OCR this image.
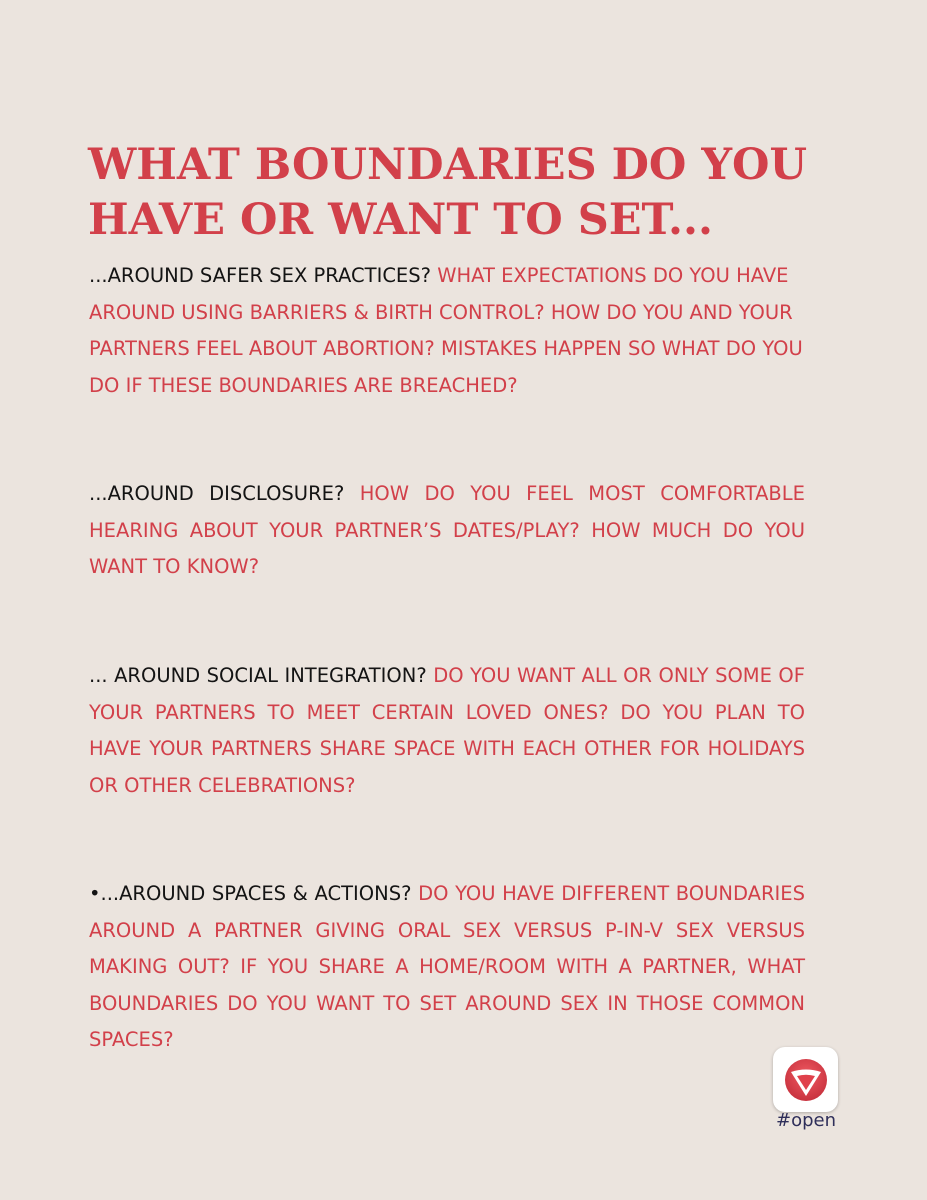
WHAT BOUNDARIES DO YOU
HAVE OR WANT TO SET...

...AROUND SAFER SEX PRACTICES? WHAT EXPECTATIONS DO YOU HAVE AROUND USING BARRIERS & BIRTH CONTROL? HOW DO YOU AND YOUR PARTNERS FEEL ABOUT ABORTION? MISTAKES HAPPEN SO WHAT DO YOU DO IF THESE BOUNDARIES ARE BREACHED?

...AROUND DISCLOSURE? HOW DO YOU FEEL MOST COMFORTABLE HEARING ABOUT YOUR PARTNER’S DATES/PLAY? HOW MUCH DO YOU WANT TO KNOW?

... AROUND SOCIAL INTEGRATION? DO YOU WANT ALL OR ONLY SOME OF YOUR PARTNERS TO MEET CERTAIN LOVED ONES? DO YOU PLAN TO HAVE YOUR PARTNERS SHARE SPACE WITH EACH OTHER FOR HOLIDAYS OR OTHER CELEBRATIONS?

•...AROUND SPACES & ACTIONS? DO YOU HAVE DIFFERENT BOUNDARIES AROUND A PARTNER GIVING ORAL SEX VERSUS P-IN-V SEX VERSUS MAKING OUT? IF YOU SHARE A HOME/ROOM WITH A PARTNER, WHAT BOUNDARIES DO YOU WANT TO SET AROUND SEX IN THOSE COMMON SPACES?

#open
